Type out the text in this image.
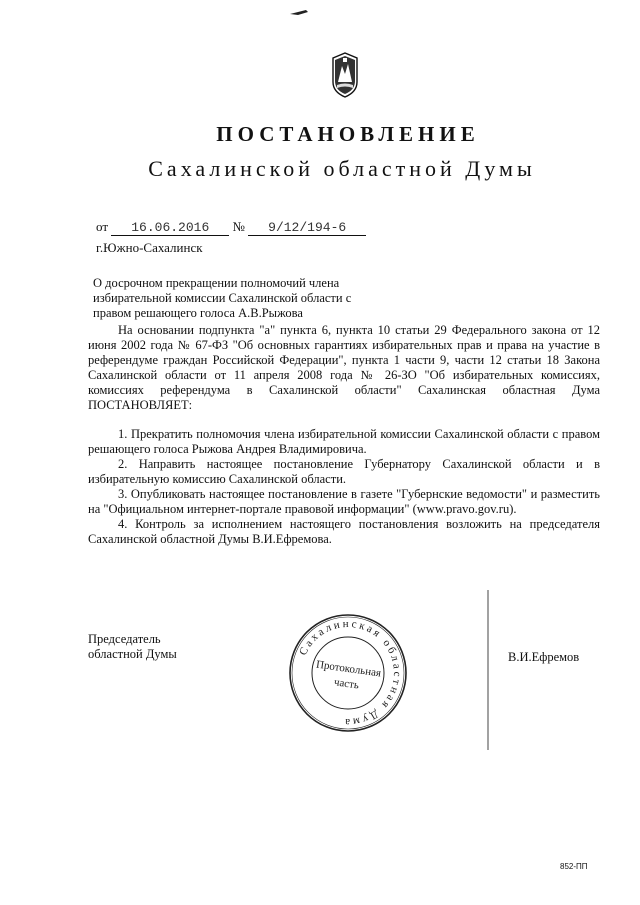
ПОСТАНОВЛЕНИЕ
Сахалинской областной Думы
от 16.06.2016 № 9/12/194-6
г.Южно-Сахалинск
О досрочном прекращении полномочий члена
избирательной комиссии Сахалинской области с
правом решающего голоса А.В.Рыжова

На основании подпункта "а" пункта 6, пункта 10 статьи 29 Федерального закона от 12 июня 2002 года № 67-ФЗ "Об основных гарантиях избирательных прав и права на участие в референдуме граждан Российской Федерации", пункта 1 части 9, части 12 статьи 18 Закона Сахалинской области от 11 апреля 2008 года № 26-ЗО "Об избирательных комиссиях, комиссиях референдума в Сахалинской области" Сахалинская областная Дума ПОСТАНОВЛЯЕТ:

1. Прекратить полномочия члена избирательной комиссии Сахалинской области с правом решающего голоса Рыжова Андрея Владимировича.

2. Направить настоящее постановление Губернатору Сахалинской области и в избирательную комиссию Сахалинской области.

3. Опубликовать настоящее постановление в газете "Губернские ведомости" и разместить на "Официальном интернет-портале правовой информации" (www.pravo.gov.ru).

4. Контроль за исполнением настоящего постановления возложить на председателя Сахалинской областной Думы В.И.Ефремова.

Председатель
областной Думы	В.И.Ефремов
Сахалинская областная Дума
Протокольная
часть
852-ПП
